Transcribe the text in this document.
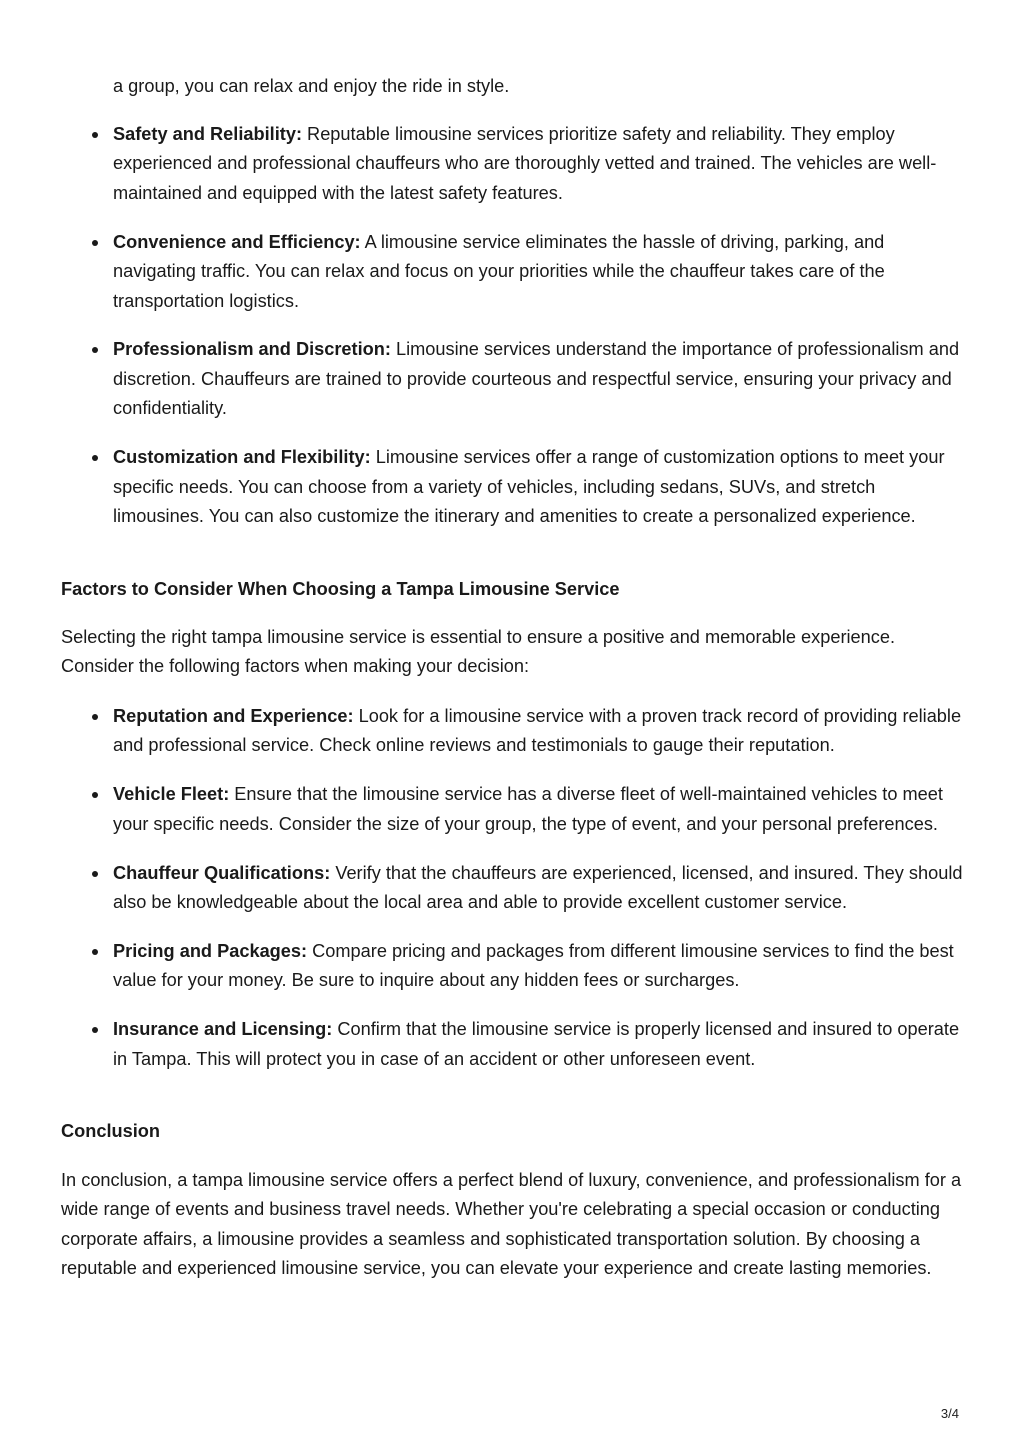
a group, you can relax and enjoy the ride in style.

Safety and Reliability: Reputable limousine services prioritize safety and reliability. They employ experienced and professional chauffeurs who are thoroughly vetted and trained. The vehicles are well-maintained and equipped with the latest safety features.
Convenience and Efficiency: A limousine service eliminates the hassle of driving, parking, and navigating traffic. You can relax and focus on your priorities while the chauffeur takes care of the transportation logistics.
Professionalism and Discretion: Limousine services understand the importance of professionalism and discretion. Chauffeurs are trained to provide courteous and respectful service, ensuring your privacy and confidentiality.
Customization and Flexibility: Limousine services offer a range of customization options to meet your specific needs. You can choose from a variety of vehicles, including sedans, SUVs, and stretch limousines. You can also customize the itinerary and amenities to create a personalized experience.
Factors to Consider When Choosing a Tampa Limousine Service

Selecting the right tampa limousine service is essential to ensure a positive and memorable experience. Consider the following factors when making your decision:

Reputation and Experience: Look for a limousine service with a proven track record of providing reliable and professional service. Check online reviews and testimonials to gauge their reputation.
Vehicle Fleet: Ensure that the limousine service has a diverse fleet of well-maintained vehicles to meet your specific needs. Consider the size of your group, the type of event, and your personal preferences.
Chauffeur Qualifications: Verify that the chauffeurs are experienced, licensed, and insured. They should also be knowledgeable about the local area and able to provide excellent customer service.
Pricing and Packages: Compare pricing and packages from different limousine services to find the best value for your money. Be sure to inquire about any hidden fees or surcharges.
Insurance and Licensing: Confirm that the limousine service is properly licensed and insured to operate in Tampa. This will protect you in case of an accident or other unforeseen event.
Conclusion

In conclusion, a tampa limousine service offers a perfect blend of luxury, convenience, and professionalism for a wide range of events and business travel needs. Whether you're celebrating a special occasion or conducting corporate affairs, a limousine provides a seamless and sophisticated transportation solution. By choosing a reputable and experienced limousine service, you can elevate your experience and create lasting memories.

3/4
